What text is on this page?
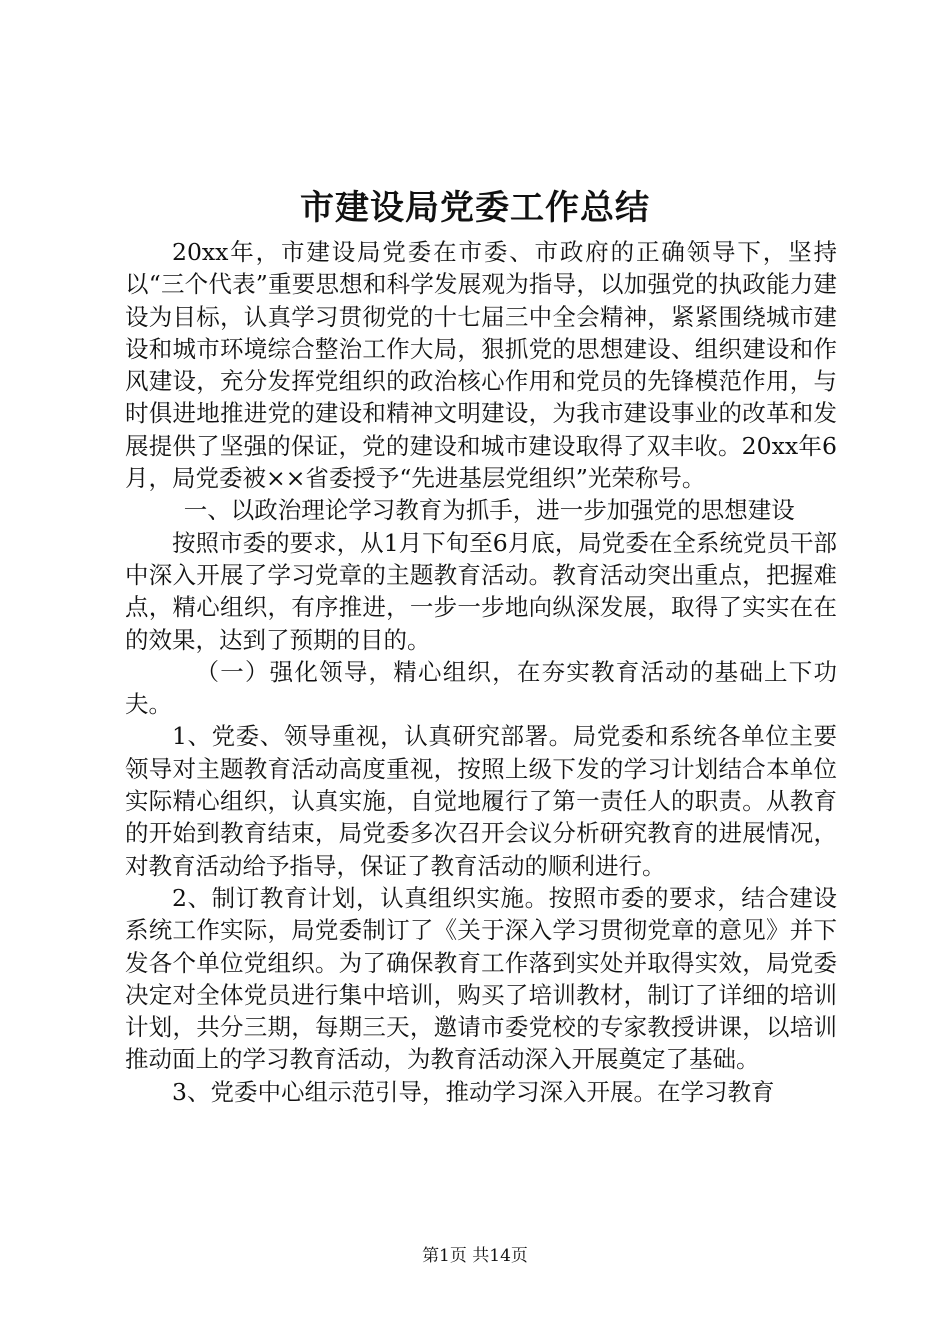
市建设局党委工作总结

20xx年，市建设局党委在市委、市政府的正确领导下，坚持以“三个代表”重要思想和科学发展观为指导，以加强党的执政能力建设为目标，认真学习贯彻党的十七届三中全会精神，紧紧围绕城市建设和城市环境综合整治工作大局，狠抓党的思想建设、组织建设和作风建设，充分发挥党组织的政治核心作用和党员的先锋模范作用，与时俱进地推进党的建设和精神文明建设，为我市建设事业的改革和发展提供了坚强的保证，党的建设和城市建设取得了双丰收。20xx年6月，局党委被××省委授予“先进基层党组织”光荣称号。

一、以政治理论学习教育为抓手，进一步加强党的思想建设

按照市委的要求，从1月下旬至6月底，局党委在全系统党员干部中深入开展了学习党章的主题教育活动。教育活动突出重点，把握难点，精心组织，有序推进，一步一步地向纵深发展，取得了实实在在的效果，达到了预期的目的。

（一）强化领导，精心组织，在夯实教育活动的基础上下功夫。

1、党委、领导重视，认真研究部署。局党委和系统各单位主要领导对主题教育活动高度重视，按照上级下发的学习计划结合本单位实际精心组织，认真实施，自觉地履行了第一责任人的职责。从教育的开始到教育结束，局党委多次召开会议分析研究教育的进展情况，对教育活动给予指导，保证了教育活动的顺利进行。

2、制订教育计划，认真组织实施。按照市委的要求，结合建设系统工作实际，局党委制订了《关于深入学习贯彻党章的意见》并下发各个单位党组织。为了确保教育工作落到实处并取得实效，局党委决定对全体党员进行集中培训，购买了培训教材，制订了详细的培训计划，共分三期，每期三天，邀请市委党校的专家教授讲课，以培训推动面上的学习教育活动，为教育活动深入开展奠定了基础。

3、党委中心组示范引导，推动学习深入开展。在学习教育

第1页 共14页
